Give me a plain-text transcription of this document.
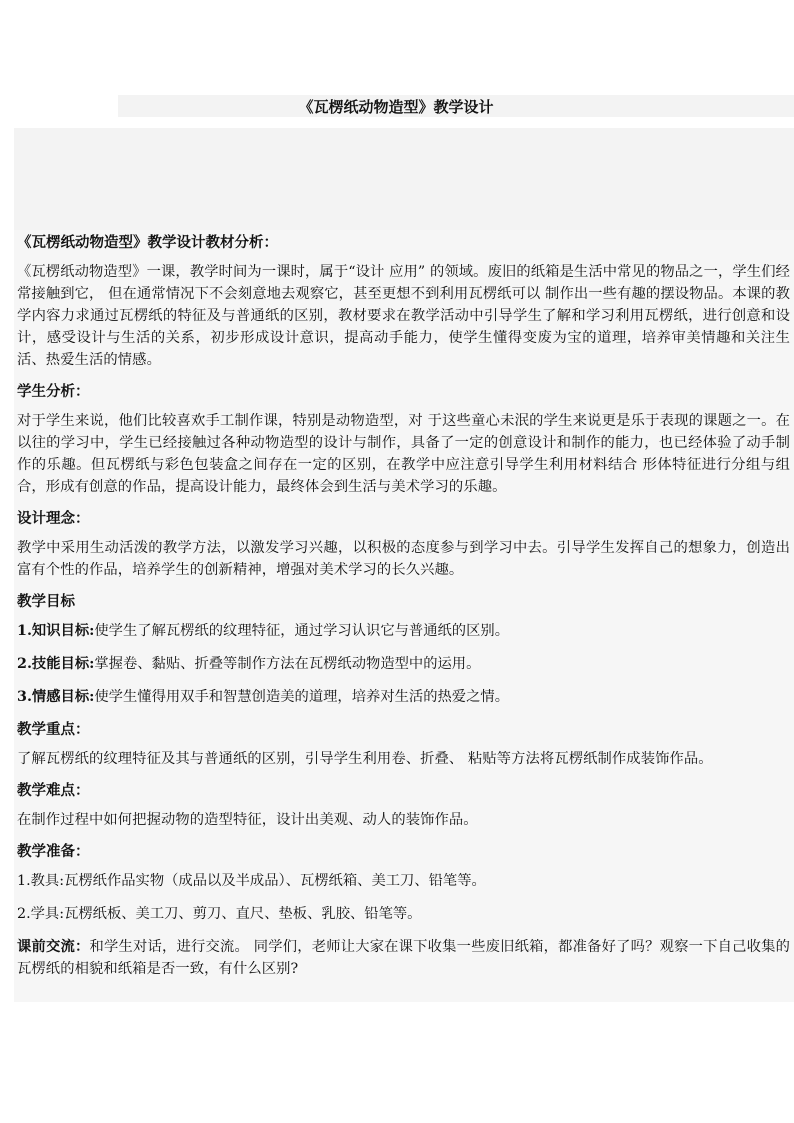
《瓦楞纸动物造型》教学设计
《瓦楞纸动物造型》教学设计教材分析：
《瓦楞纸动物造型》一课，教学时间为一课时，属于“设计 应用” 的领域。废旧的纸箱是生活中常见的物品之一，学生们经常接触到它， 但在通常情况下不会刻意地去观察它，甚至更想不到利用瓦楞纸可以 制作出一些有趣的摆设物品。本课的教学内容力求通过瓦楞纸的特征及与普通纸的区别，教材要求在教学活动中引导学生了解和学习利用瓦楞纸，进行创意和设计，感受设计与生活的关系，初步形成设计意识，提高动手能力，使学生懂得变废为宝的道理，培养审美情趣和关注生活、热爱生活的情感。
学生分析：
对于学生来说，他们比较喜欢手工制作课，特别是动物造型，对 于这些童心未泯的学生来说更是乐于表现的课题之一。在以往的学习中，学生已经接触过各种动物造型的设计与制作，具备了一定的创意设计和制作的能力，也已经体验了动手制作的乐趣。但瓦楞纸与彩色包装盒之间存在一定的区别，在教学中应注意引导学生利用材料结合 形体特征进行分组与组合，形成有创意的作品，提高设计能力，最终体会到生活与美术学习的乐趣。
设计理念：
教学中采用生动活泼的教学方法，以激发学习兴趣，以积极的态度参与到学习中去。引导学生发挥自己的想象力，创造出富有个性的作品，培养学生的创新精神，增强对美术学习的长久兴趣。
教学目标
1.知识目标:使学生了解瓦楞纸的纹理特征，通过学习认识它与普通纸的区别。
2.技能目标:掌握卷、黏贴、折叠等制作方法在瓦楞纸动物造型中的运用。
3.情感目标:使学生懂得用双手和智慧创造美的道理，培养对生活的热爱之情。
教学重点：
了解瓦楞纸的纹理特征及其与普通纸的区别，引导学生利用卷、折叠、 粘贴等方法将瓦楞纸制作成装饰作品。
教学难点：
在制作过程中如何把握动物的造型特征，设计出美观、动人的装饰作品。
教学准备：
1.教具:瓦楞纸作品实物（成品以及半成品）、瓦楞纸箱、美工刀、铅笔等。
2.学具:瓦楞纸板、美工刀、剪刀、直尺、垫板、乳胶、铅笔等。
课前交流：和学生对话，进行交流。 同学们，老师让大家在课下收集一些废旧纸箱，都准备好了吗？观察一下自己收集的瓦楞纸的相貌和纸箱是否一致，有什么区别?
